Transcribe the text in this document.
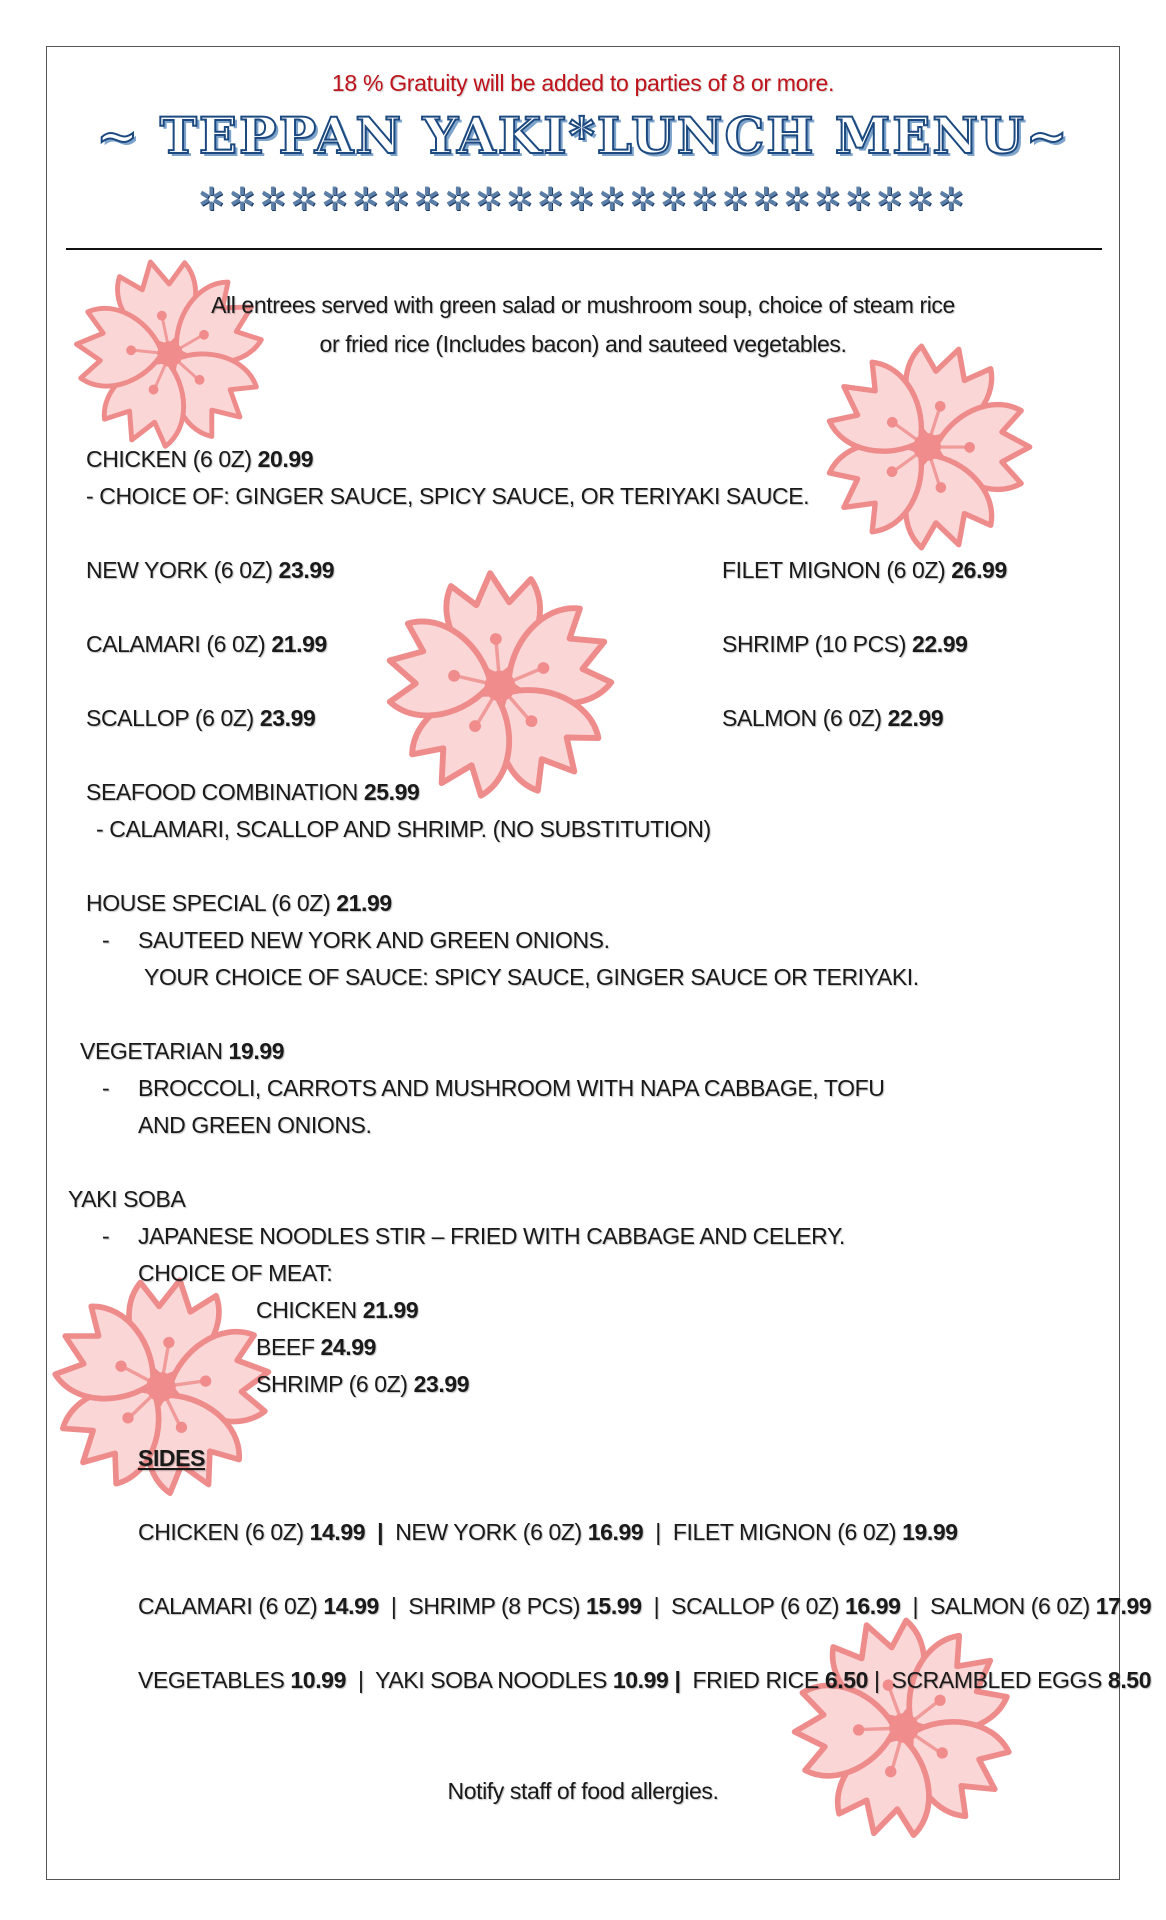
18 % Gratuity will be added to parties of 8 or more.
~ TEPPAN YAKI*LUNCH MENU~
✲✲✲✲✲✲✲✲✲✲✲✲✲✲✲✲✲✲✲✲✲✲✲✲✲
All entrees served with green salad or mushroom soup, choice of steam rice
or fried rice (Includes bacon) and sauteed vegetables.
CHICKEN (6 0Z) 20.99
- CHOICE OF: GINGER SAUCE, SPICY SAUCE, OR TERIYAKI SAUCE.
NEW YORK (6 0Z) 23.99
CALAMARI (6 0Z) 21.99
SCALLOP (6 0Z) 23.99
FILET MIGNON (6 0Z) 26.99
SHRIMP (10 PCS) 22.99
SALMON (6 0Z) 22.99
SEAFOOD COMBINATION 25.99
- CALAMARI, SCALLOP AND SHRIMP. (NO SUBSTITUTION)
HOUSE SPECIAL (6 0Z) 21.99
- SAUTEED NEW YORK AND GREEN ONIONS.
YOUR CHOICE OF SAUCE: SPICY SAUCE, GINGER SAUCE OR TERIYAKI.
VEGETARIAN 19.99
- BROCCOLI, CARROTS AND MUSHROOM WITH NAPA CABBAGE, TOFU
AND GREEN ONIONS.
YAKI SOBA
- JAPANESE NOODLES STIR – FRIED WITH CABBAGE AND CELERY.
CHOICE OF MEAT:
CHICKEN 21.99
BEEF 24.99
SHRIMP (6 0Z) 23.99
SIDES
CHICKEN (6 0Z) 14.99  |  NEW YORK (6 0Z) 16.99  |  FILET MIGNON (6 0Z) 19.99
CALAMARI (6 0Z) 14.99  |  SHRIMP (8 PCS) 15.99  |  SCALLOP (6 0Z) 16.99  |  SALMON (6 0Z) 17.99
VEGETABLES 10.99  |  YAKI SOBA NOODLES 10.99 |  FRIED RICE 6.50 |  SCRAMBLED EGGS 8.50
Notify staff of food allergies.
